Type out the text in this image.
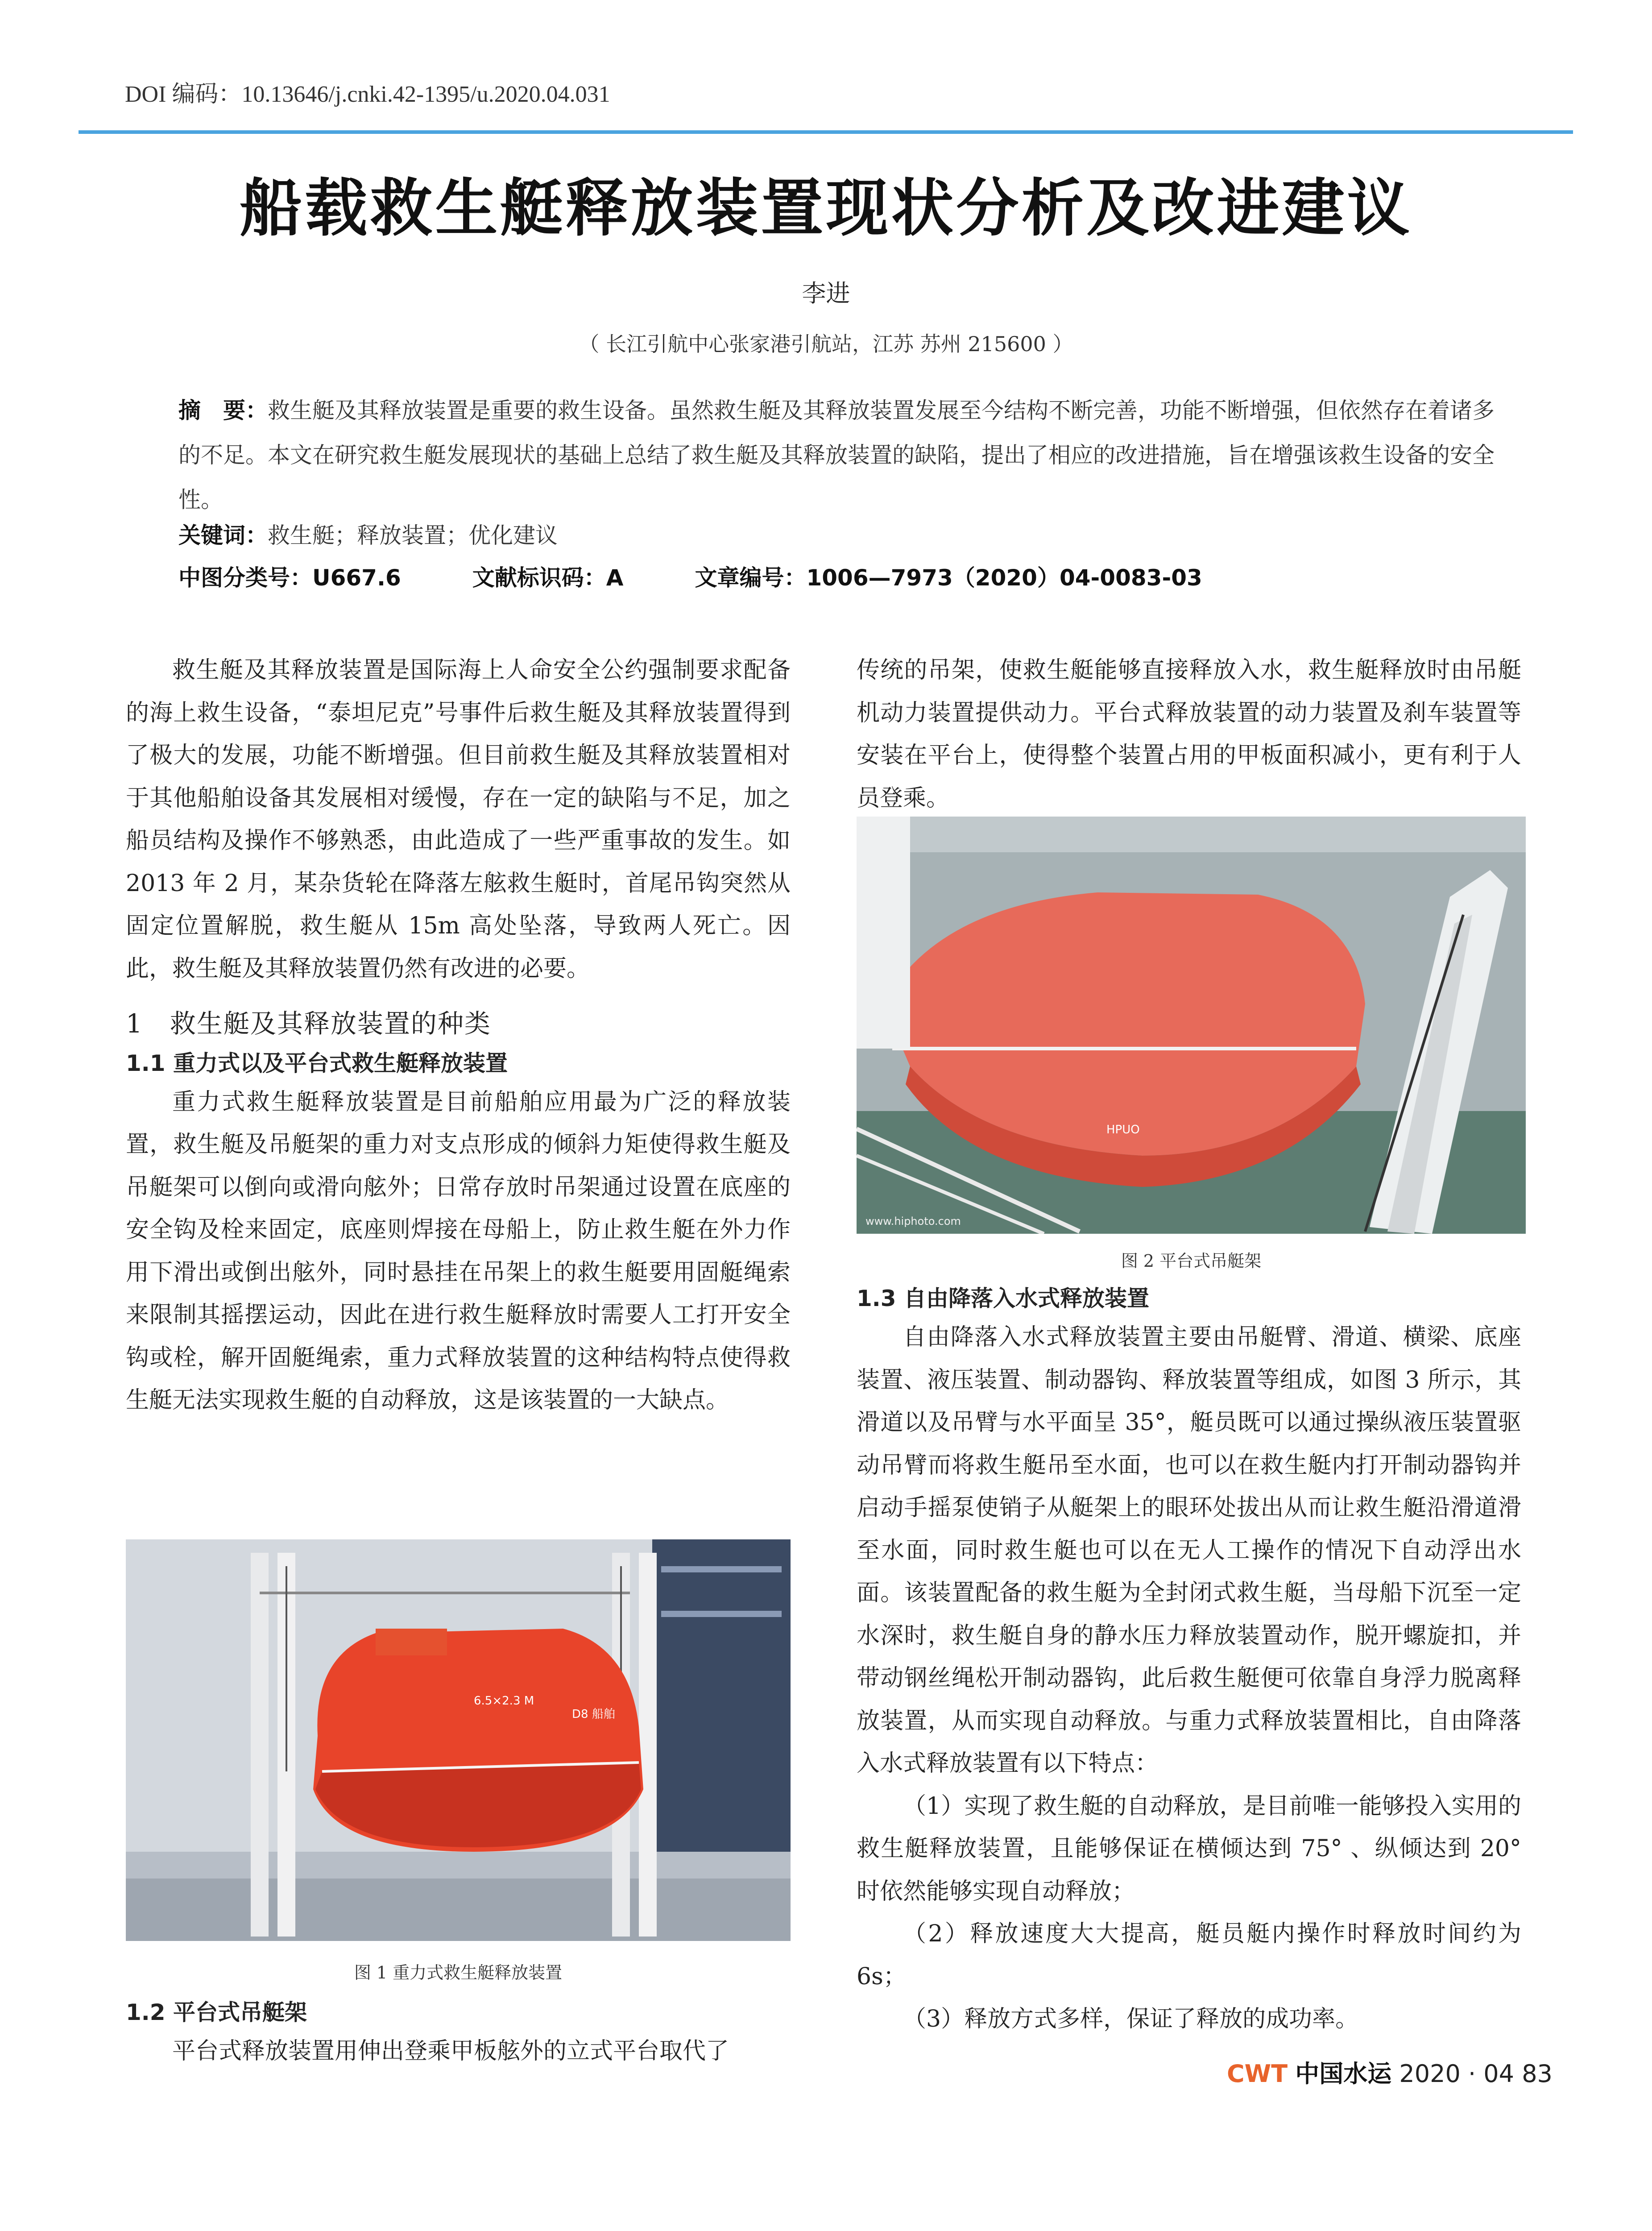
DOI 编码：10.13646/j.cnki.42-1395/u.2020.04.031
船载救生艇释放装置现状分析及改进建议
李进
（ 长江引航中心张家港引航站，江苏 苏州 215600 ）
摘　要：救生艇及其释放装置是重要的救生设备。虽然救生艇及其释放装置发展至今结构不断完善，功能不断增强，但依然存在着诸多的不足。本文在研究救生艇发展现状的基础上总结了救生艇及其释放装置的缺陷，提出了相应的改进措施，旨在增强该救生设备的安全性。
关键词：救生艇；释放装置；优化建议
中图分类号：U667.6	文献标识码：A	文章编号：1006—7973（2020）04-0083-03

救生艇及其释放装置是国际海上人命安全公约强制要求配备的海上救生设备，“泰坦尼克”号事件后救生艇及其释放装置得到了极大的发展，功能不断增强。但目前救生艇及其释放装置相对于其他船舶设备其发展相对缓慢，存在一定的缺陷与不足，加之船员结构及操作不够熟悉，由此造成了一些严重事故的发生。如 2013 年 2 月，某杂货轮在降落左舷救生艇时，首尾吊钩突然从固定位置解脱，救生艇从 15m 高处坠落，导致两人死亡。因此，救生艇及其释放装置仍然有改进的必要。

1　救生艇及其释放装置的种类
1.1 重力式以及平台式救生艇释放装置

重力式救生艇释放装置是目前船舶应用最为广泛的释放装置，救生艇及吊艇架的重力对支点形成的倾斜力矩使得救生艇及吊艇架可以倒向或滑向舷外；日常存放时吊架通过设置在底座的安全钩及栓来固定，底座则焊接在母船上，防止救生艇在外力作用下滑出或倒出舷外，同时悬挂在吊架上的救生艇要用固艇绳索来限制其摇摆运动，因此在进行救生艇释放时需要人工打开安全钩或栓，解开固艇绳索，重力式释放装置的这种结构特点使得救生艇无法实现救生艇的自动释放，这是该装置的一大缺点。

6.5×2.3 M
D8 船舶
图 1 重力式救生艇释放装置
1.2 平台式吊艇架

平台式释放装置用伸出登乘甲板舷外的立式平台取代了

传统的吊架，使救生艇能够直接释放入水，救生艇释放时由吊艇机动力装置提供动力。平台式释放装置的动力装置及刹车装置等安装在平台上，使得整个装置占用的甲板面积减小，更有利于人员登乘。

HPUO
www.hiphoto.com
图 2 平台式吊艇架
1.3 自由降落入水式释放装置

自由降落入水式释放装置主要由吊艇臂、滑道、横梁、底座装置、液压装置、制动器钩、释放装置等组成，如图 3 所示，其滑道以及吊臂与水平面呈 35°，艇员既可以通过操纵液压装置驱动吊臂而将救生艇吊至水面，也可以在救生艇内打开制动器钩并启动手摇泵使销子从艇架上的眼环处拔出从而让救生艇沿滑道滑至水面，同时救生艇也可以在无人工操作的情况下自动浮出水面。该装置配备的救生艇为全封闭式救生艇，当母船下沉至一定水深时，救生艇自身的静水压力释放装置动作，脱开螺旋扣，并带动钢丝绳松开制动器钩，此后救生艇便可依靠自身浮力脱离释放装置，从而实现自动释放。与重力式释放装置相比，自由降落入水式释放装置有以下特点：

（1）实现了救生艇的自动释放，是目前唯一能够投入实用的救生艇释放装置，且能够保证在横倾达到 75° 、纵倾达到 20° 时依然能够实现自动释放；

（2）释放速度大大提高，艇员艇内操作时释放时间约为 6s；

（3）释放方式多样，保证了释放的成功率。

CWT 中国水运 2020 · 04 83
